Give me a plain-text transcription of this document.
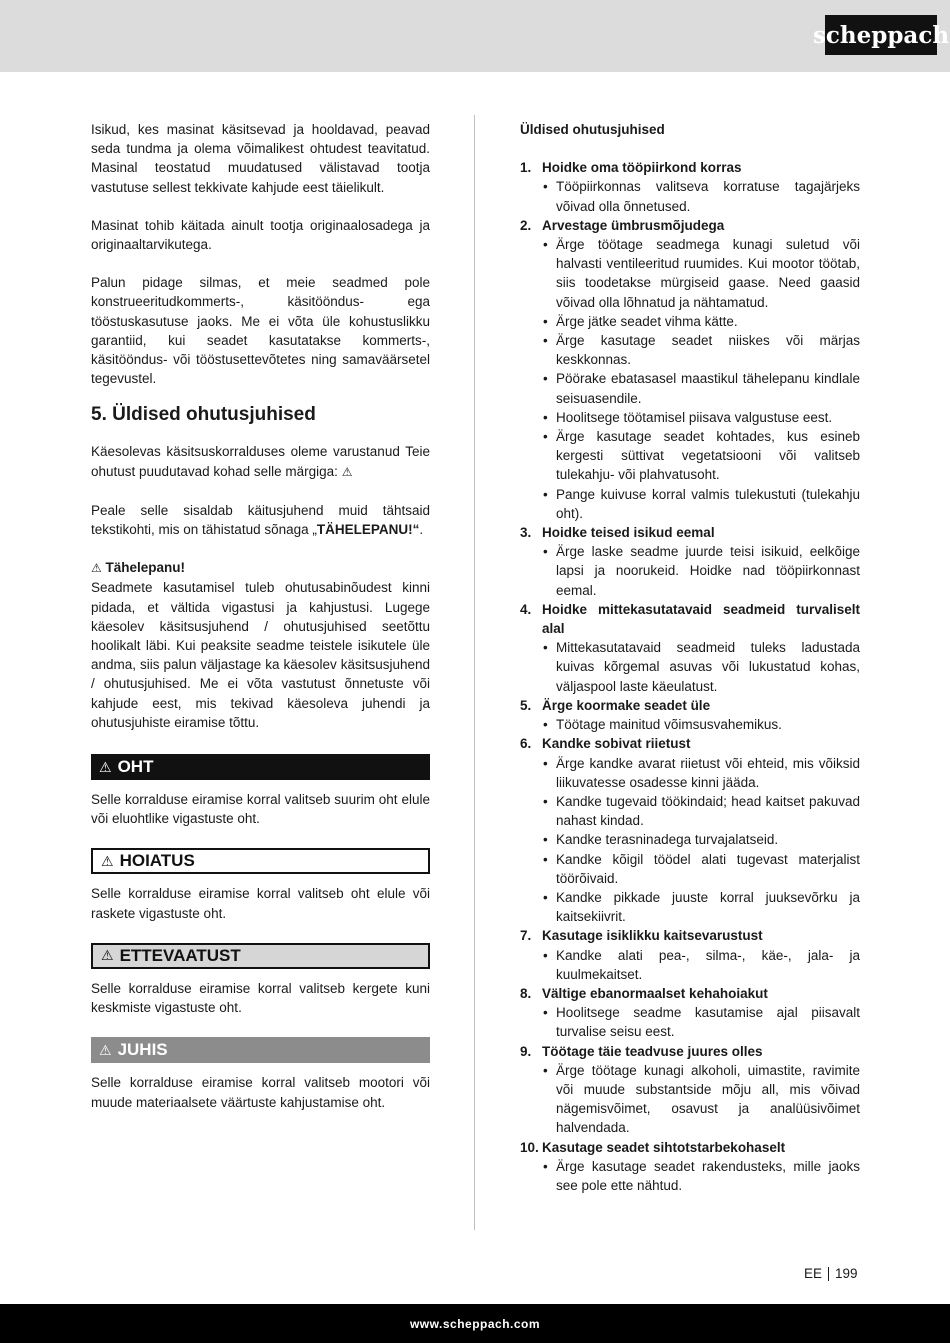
scheppach

Isikud, kes masinat käsitsevad ja hooldavad, peavad seda tundma ja olema võimalikest ohtudest teavitatud. Masinal teostatud muudatused välistavad tootja vastutuse sellest tekkivate kahjude eest täielikult.

Masinat tohib käitada ainult tootja originaalosadega ja originaaltarvikutega.

Palun pidage silmas, et meie seadmed pole konstrueeritudkommerts-, käsitööndus- ega tööstuskasutuse jaoks. Me ei võta üle kohustuslikku garantiid, kui seadet kasutatakse kommerts-, käsitööndus- või tööstusettevõtetes ning samaväärsetel tegevustel.

5. Üldised ohutusjuhised

Käesolevas käsitsuskorralduses oleme varustanud Teie ohutust puudutavad kohad selle märgiga: ⚠

Peale selle sisaldab käitusjuhend muid tähtsaid tekstikohti, mis on tähistatud sõnaga „TÄHELEPANU!“.

⚠ Tähelepanu!

Seadmete kasutamisel tuleb ohutusabinõudest kinni pidada, et vältida vigastusi ja kahjustusi. Lugege käesolev käsitsusjuhend / ohutusjuhised seetõttu hoolikalt läbi. Kui peaksite seadme teistele isikutele üle andma, siis palun väljastage ka käesolev käsitsusjuhend / ohutusjuhised. Me ei võta vastutust õnnetuste või kahjude eest, mis tekivad käesoleva juhendi ja ohutusjuhiste eiramise tõttu.

⚠ OHT

Selle korralduse eiramise korral valitseb suurim oht elule või eluohtlike vigastuste oht.

⚠ HOIATUS

Selle korralduse eiramise korral valitseb oht elule või raskete vigastuste oht.

⚠ ETTEVAATUST

Selle korralduse eiramise korral valitseb kergete kuni keskmiste vigastuste oht.

⚠ JUHIS

Selle korralduse eiramise korral valitseb mootori või muude materiaalsete väärtuste kahjustamise oht.

Üldised ohutusjuhised

1. Hoidke oma tööpiirkond korras
• Tööpiirkonnas valitseva korratuse tagajärjeks võivad olla õnnetused.
2. Arvestage ümbrusmõjudega
• Ärge töötage seadmega kunagi suletud või halvasti ventileeritud ruumides. Kui mootor töötab, siis toodetakse mürgiseid gaase. Need gaasid võivad olla lõhnatud ja nähtamatud.
• Ärge jätke seadet vihma kätte.
• Ärge kasutage seadet niiskes või märjas keskkonnas.
• Pöörake ebatasasel maastikul tähelepanu kindlale seisuasendile.
• Hoolitsege töötamisel piisava valgustuse eest.
• Ärge kasutage seadet kohtades, kus esineb kergesti süttivat vegetatsiooni või valitseb tulekahju- või plahvatusoht.
• Pange kuivuse korral valmis tulekustuti (tulekahju oht).
3. Hoidke teised isikud eemal
• Ärge laske seadme juurde teisi isikuid, eelkõige lapsi ja noorukeid. Hoidke nad tööpiirkonnast eemal.
4. Hoidke mittekasutatavaid seadmeid turvaliselt alal
• Mittekasutatavaid seadmeid tuleks ladustada kuivas kõrgemal asuvas või lukustatud kohas, väljaspool laste käeulatust.
5. Ärge koormake seadet üle
• Töötage mainitud võimsusvahemikus.
6. Kandke sobivat riietust
• Ärge kandke avarat riietust või ehteid, mis võiksid liikuvatesse osadesse kinni jääda.
• Kandke tugevaid töökindaid; head kaitset pakuvad nahast kindad.
• Kandke terasninadega turvajalatseid.
• Kandke kõigil töödel alati tugevast materjalist töörõivaid.
• Kandke pikkade juuste korral juuksevõrku ja kaitsekiivrit.
7. Kasutage isiklikku kaitsevarustust
• Kandke alati pea-, silma-, käe-, jala- ja kuulmekaitset.
8. Vältige ebanormaalset kehahoiakut
• Hoolitsege seadme kasutamise ajal piisavalt turvalise seisu eest.
9. Töötage täie teadvuse juures olles
• Ärge töötage kunagi alkoholi, uimastite, ravimite või muude substantside mõju all, mis võivad nägemisvõimet, osavust ja analüüsivõimet halvendada.
10. Kasutage seadet sihtotstarbekohaselt
• Ärge kasutage seadet rakendusteks, mille jaoks see pole ette nähtud.
EE 199
www.scheppach.com
